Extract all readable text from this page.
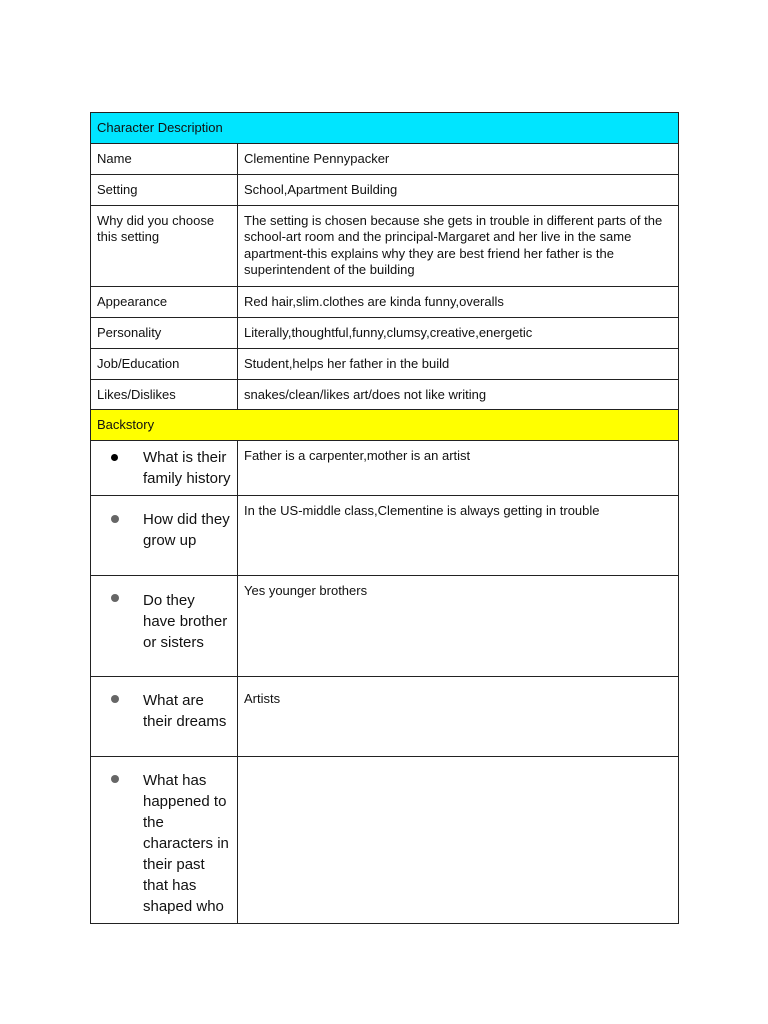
Character Description	

Name	Clementine Pennypacker

Setting	School,Apartment Building

Why did you choose this setting	The setting is chosen because she gets in trouble in different parts of the school-art room and the principal-Margaret and her live in the same apartment-this explains why they are best friend her father is the superintendent of the building

Appearance	Red hair,slim.clothes are kinda funny,overalls

Personality	Literally,thoughtful,funny,clumsy,creative,energetic

Job/Education	Student,helps her father in the build

Likes/Dislikes	snakes/clean/likes art/does not like writing

Backstory	

What is their family history	Father is a carpenter,mother is an artist

How did they grow up	In the US-middle class,Clementine is always getting in trouble

Do they have brother or sisters	Yes younger brothers

What are their dreams	Artists

What has happened to the characters in their past that has shaped who	
